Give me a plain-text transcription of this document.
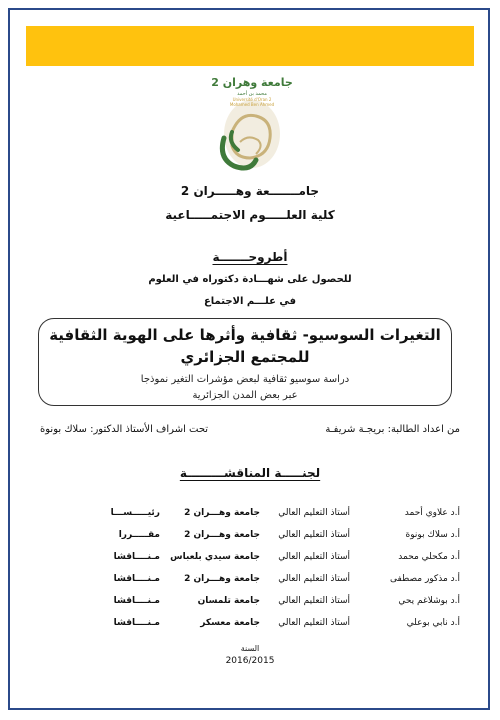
جامعة وهران 2
محمد بن أحمد
Université d'Oran 2
Mohamed Ben Ahmed
جامـــــــعة وهـــــران 2
كلية العلـــــوم الاجتمـــــاعية
أطروحـــــــة
للحصول على شهـــادة دكتوراه في العلوم
في علـــم الاجتماع
التغيرات السوسيو- ثقافية وأثرها على الهوية الثقافية
للمجتمع الجزائري
دراسة سوسيو ثقافية لبعض مؤشرات التغير نموذجا
عبر بعض المدن الجزائرية
من اعداد الطالبة: بريجـة شريفـة
تحت اشراف الأستاذ الدكتور: سلاك بونوة
لجنـــــة المناقشـــــــــة
أ.د علاوي أحمد
أستاذ التعليم العالي
جامعة وهـــران 2
رئيـــــســـا
أ.د سلاك بونوة
أستاذ التعليم العالي
جامعة وهـــران 2
مقـــــررا
أ.د مكحلي محمد
أستاذ التعليم العالي
جامعة سيدي بلعباس
مـنــــاقشا
أ.د مذكور مصطفى
أستاذ التعليم العالي
جامعة وهـــران 2
مـنــــاقشا
أ.د بوشلاغم يحي
أستاذ التعليم العالي
جامعة تلمسان
مـنــــاقشا
أ.د نابي بوعلي
أستاذ التعليم العالي
جامعة معسكر
مـنــــاقشا
السنة
2016/2015
